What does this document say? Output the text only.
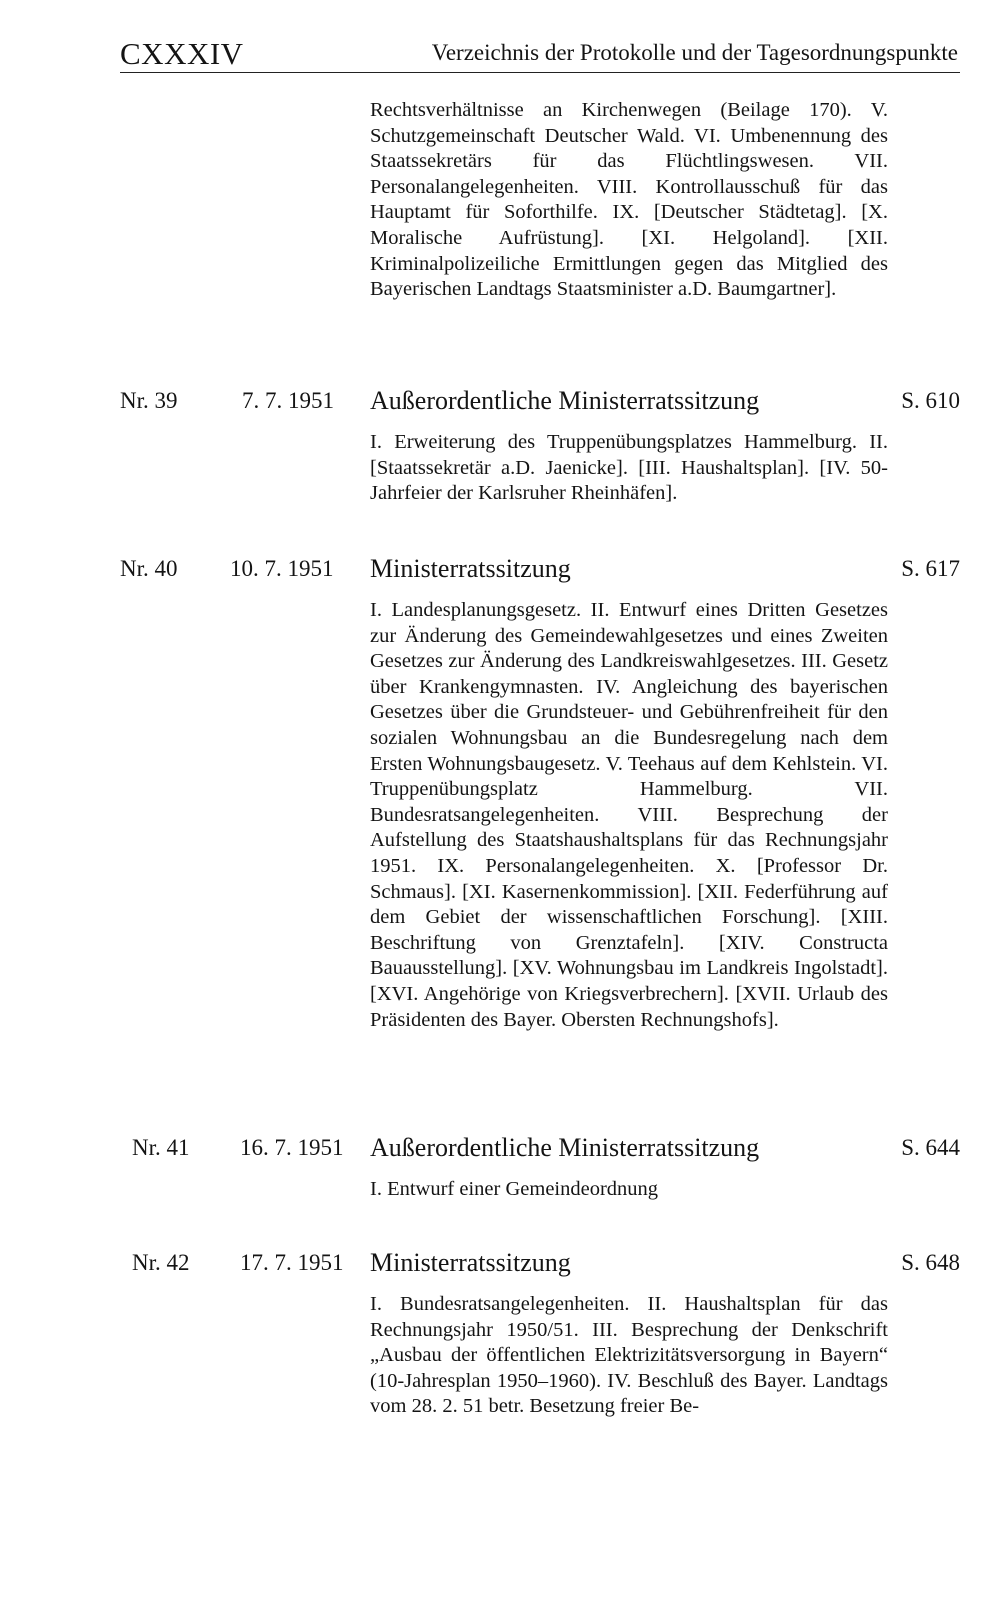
CXXXIV	Verzeichnis der Protokolle und der Tagesordnungspunkte

Rechtsverhältnisse an Kirchenwegen (Beilage 170). V. Schutzgemeinschaft Deutscher Wald. VI. Umbenennung des Staatssekretärs für das Flüchtlingswesen. VII. Personalangelegenheiten. VIII. Kontrollausschuß für das Hauptamt für Soforthilfe. IX. [Deutscher Städtetag]. [X. Moralische Aufrüstung]. [XI. Helgoland]. [XII. Kriminalpolizeiliche Ermittlungen gegen das Mitglied des Bayerischen Landtags Staatsminister a.D. Baumgartner].

Nr. 39	7. 7. 1951 Außerordentliche Ministerratssitzung	S. 610
I. Erweiterung des Truppenübungsplatzes Hammelburg. II. [Staatssekretär a.D. Jaenicke]. [III. Haushaltsplan]. [IV. 50-Jahrfeier der Karlsruher Rheinhäfen].
Nr. 40 10. 7. 1951 Ministerratssitzung	S. 617
I. Landesplanungsgesetz. II. Entwurf eines Dritten Gesetzes zur Änderung des Gemeindewahlgesetzes und eines Zweiten Gesetzes zur Änderung des Landkreiswahlgesetzes. III. Gesetz über Krankengymnasten. IV. Angleichung des bayerischen Gesetzes über die Grundsteuer- und Gebührenfreiheit für den sozialen Wohnungsbau an die Bundesregelung nach dem Ersten Wohnungsbaugesetz. V. Teehaus auf dem Kehlstein. VI. Truppenübungsplatz Hammelburg. VII. Bundesratsangelegenheiten. VIII. Besprechung der Aufstellung des Staatshaushaltsplans für das Rechnungsjahr 1951. IX. Personalangelegenheiten. X. [Professor Dr. Schmaus]. [XI. Kasernenkommission]. [XII. Federführung auf dem Gebiet der wissenschaftlichen Forschung]. [XIII. Beschriftung von Grenztafeln]. [XIV. Constructa Bauausstellung]. [XV. Wohnungsbau im Landkreis Ingolstadt]. [XVI. Angehörige von Kriegsverbrechern]. [XVII. Urlaub des Präsidenten des Bayer. Obersten Rechnungshofs].
Nr. 41 16. 7. 1951 Außerordentliche Ministerratssitzung	S. 644
I. Entwurf einer Gemeindeordnung
Nr. 42 17. 7. 1951 Ministerratssitzung	S. 648
I. Bundesratsangelegenheiten. II. Haushaltsplan für das Rechnungsjahr 1950/51. III. Besprechung der Denkschrift „Ausbau der öffentlichen Elektrizitätsversorgung in Bayern“ (10-Jahresplan 1950–1960). IV. Beschluß des Bayer. Landtags vom 28. 2. 51 betr. Besetzung freier Be-
